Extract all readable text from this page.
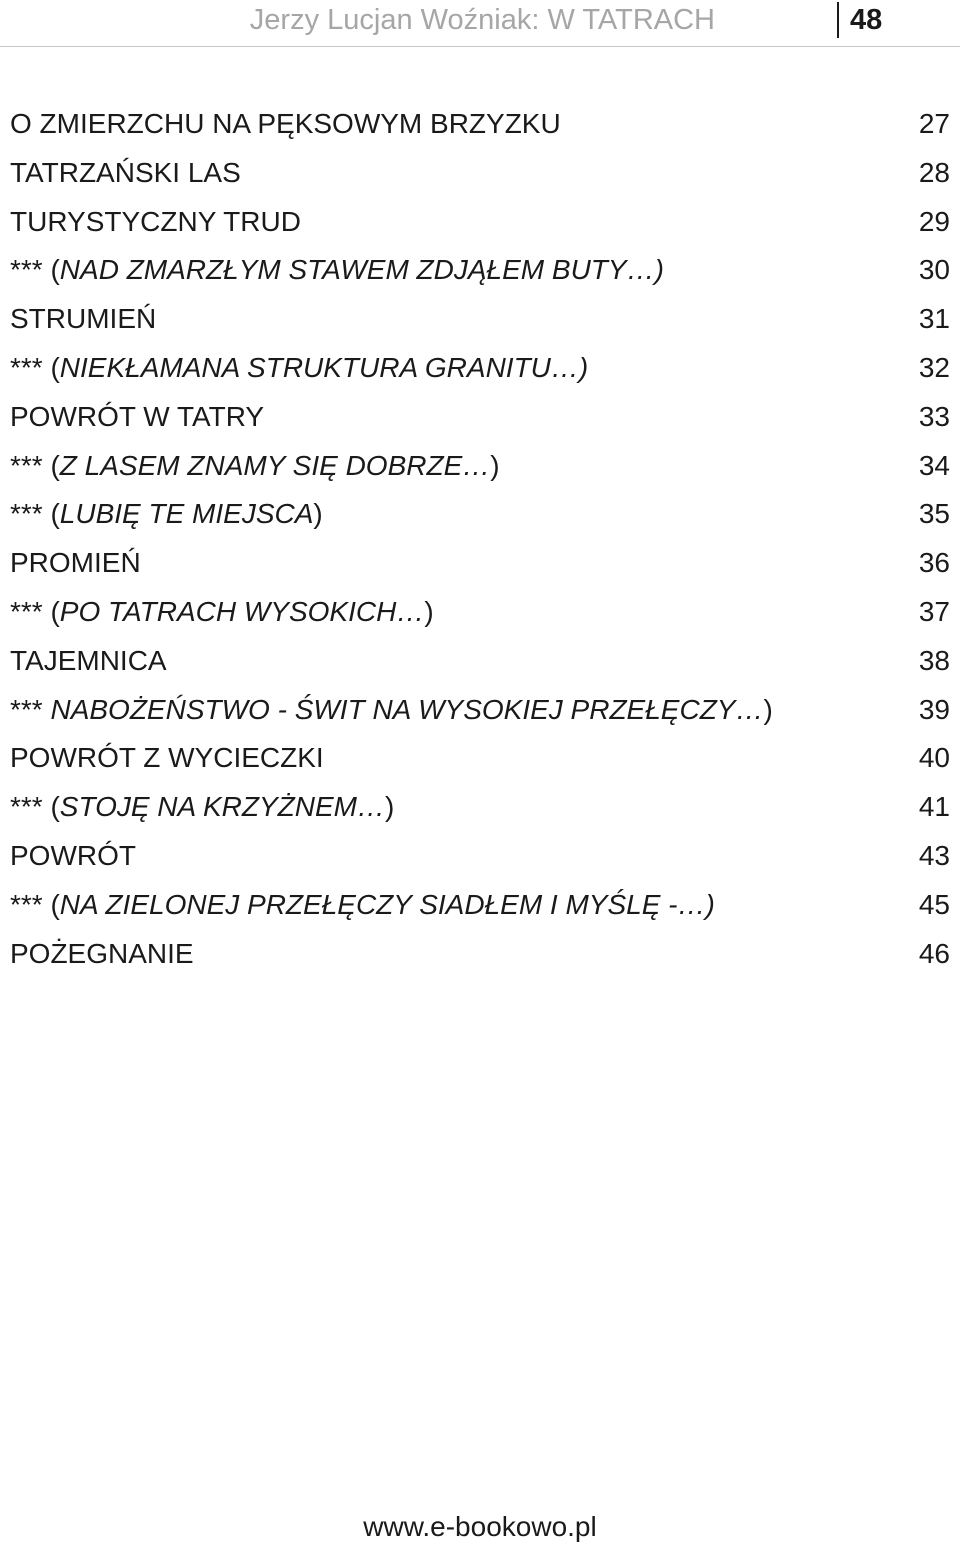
Jerzy Lucjan Woźniak: W TATRACH	48
O ZMIERZCHU NA PĘKSOWYM BRZYZKU	27
TATRZAŃSKI LAS	28
TURYSTYCZNY TRUD	29
*** (NAD ZMARZŁYM STAWEM ZDJĄŁEM BUTY…)	30
STRUMIEŃ	31
*** (NIEKŁAMANA STRUKTURA GRANITU…)	32
POWRÓT W TATRY	33
*** (Z LASEM ZNAMY SIĘ DOBRZE…)	34
*** (LUBIĘ TE MIEJSCA)	35
PROMIEŃ	36
*** (PO TATRACH WYSOKICH…)	37
TAJEMNICA	38
*** NABOŻEŃSTWO - ŚWIT NA WYSOKIEJ PRZEŁĘCZY…)	39
POWRÓT Z WYCIECZKI	40
*** (STOJĘ NA KRZYŻNEM…)	41
POWRÓT	43
*** (NA ZIELONEJ PRZEŁĘCZY SIADŁEM I MYŚLĘ -…)	45
POŻEGNANIE	46
www.e-bookowo.pl
